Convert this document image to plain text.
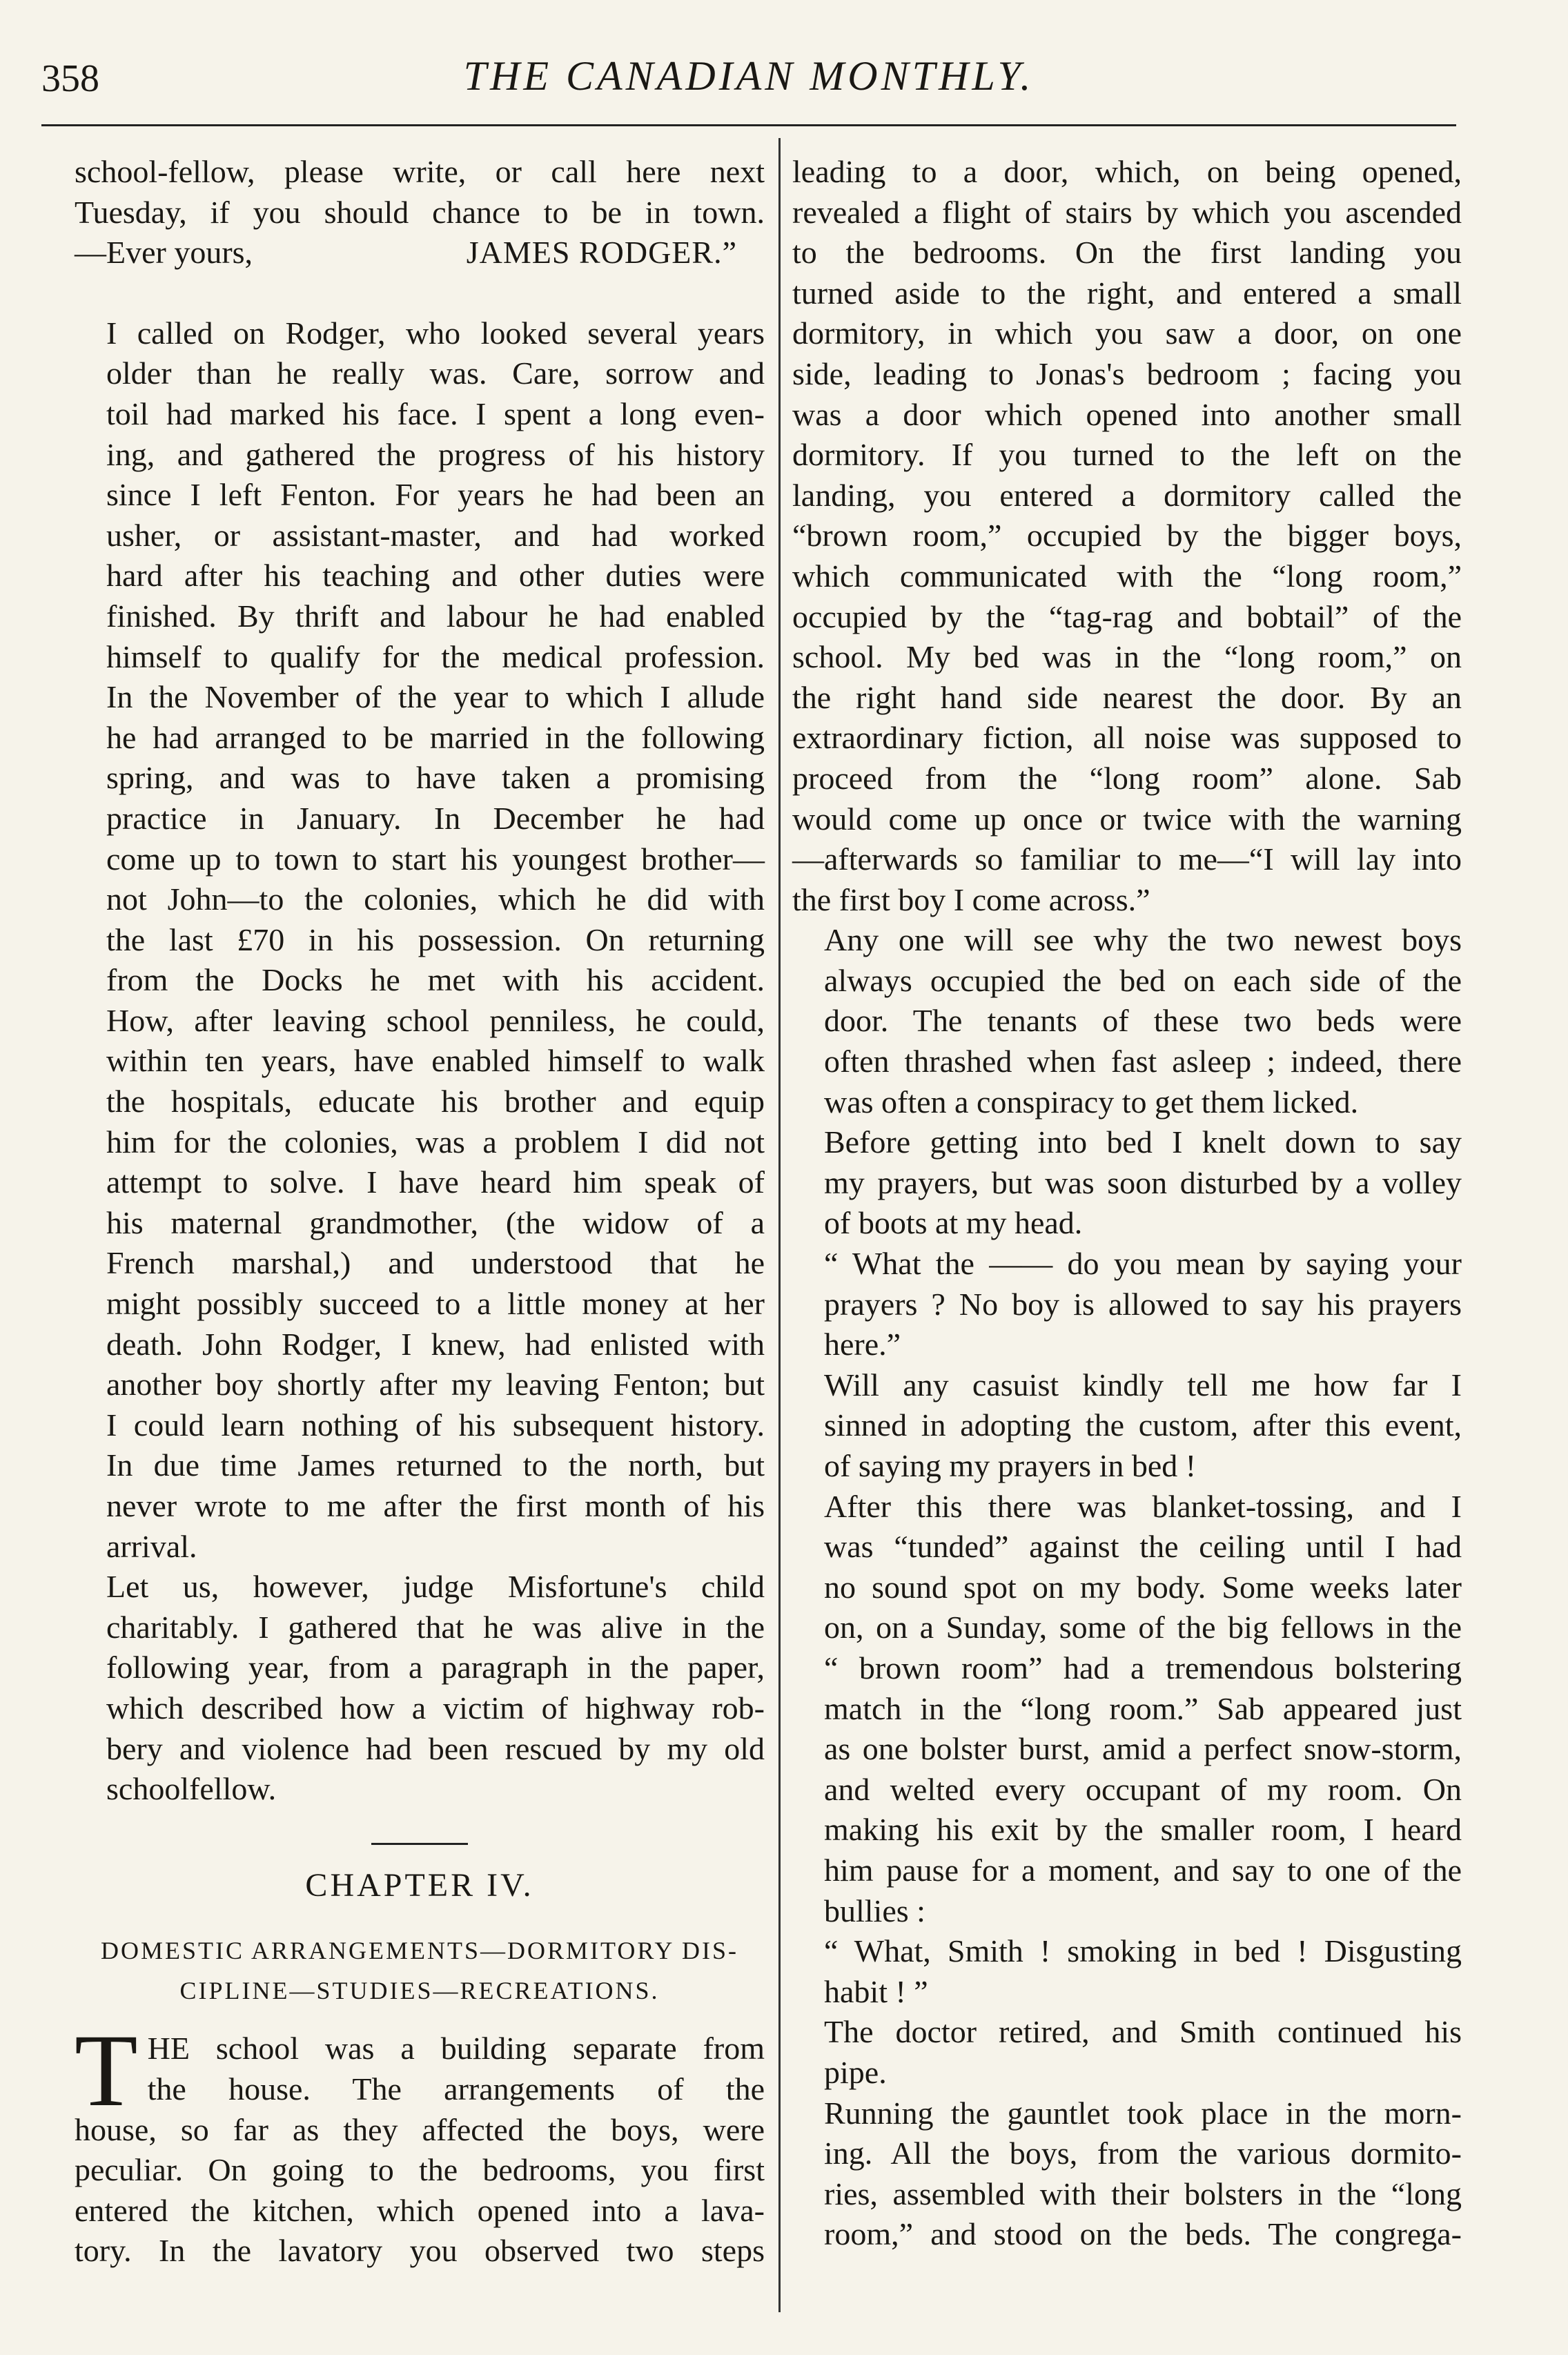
358	THE CANADIAN MONTHLY.
school-fellow, please write, or call here next
Tuesday, if you should chance to be in town.
—Ever yours,	JAMES RODGER.”
I called on Rodger, who looked several years
older than he really was. Care, sorrow and
toil had marked his face. I spent a long even-
ing, and gathered the progress of his history
since I left Fenton. For years he had been an
usher, or assistant-master, and had worked
hard after his teaching and other duties were
finished. By thrift and labour he had enabled
himself to qualify for the medical profession.
In the November of the year to which I allude
he had arranged to be married in the following
spring, and was to have taken a promising
practice in January. In December he had
come up to town to start his youngest brother—
not John—to the colonies, which he did with
the last £70 in his possession. On returning
from the Docks he met with his accident.
How, after leaving school penniless, he could,
within ten years, have enabled himself to walk
the hospitals, educate his brother and equip
him for the colonies, was a problem I did not
attempt to solve. I have heard him speak of
his maternal grandmother, (the widow of a
French marshal,) and understood that he
might possibly succeed to a little money at her
death. John Rodger, I knew, had enlisted with
another boy shortly after my leaving Fenton; but
I could learn nothing of his subsequent history.
In due time James returned to the north, but
never wrote to me after the first month of his
arrival.
Let us, however, judge Misfortune's child
charitably. I gathered that he was alive in the
following year, from a paragraph in the paper,
which described how a victim of highway rob-
bery and violence had been rescued by my old
schoolfellow.
CHAPTER IV.
DOMESTIC ARRANGEMENTS—DORMITORY DIS-
CIPLINE—STUDIES—RECREATIONS.
T HE school was a building separate from
the house. The arrangements of the
house, so far as they affected the boys, were
peculiar. On going to the bedrooms, you first
entered the kitchen, which opened into a lava-
tory. In the lavatory you observed two steps
leading to a door, which, on being opened,
revealed a flight of stairs by which you ascended
to the bedrooms. On the first landing you
turned aside to the right, and entered a small
dormitory, in which you saw a door, on one
side, leading to Jonas's bedroom ; facing you
was a door which opened into another small
dormitory. If you turned to the left on the
landing, you entered a dormitory called the
“brown room,” occupied by the bigger boys,
which communicated with the “long room,”
occupied by the “tag-rag and bobtail” of the
school. My bed was in the “long room,” on
the right hand side nearest the door. By an
extraordinary fiction, all noise was supposed to
proceed from the “long room” alone. Sab
would come up once or twice with the warning
—afterwards so familiar to me—“I will lay into
the first boy I come across.”
Any one will see why the two newest boys
always occupied the bed on each side of the
door. The tenants of these two beds were
often thrashed when fast asleep ; indeed, there
was often a conspiracy to get them licked.
Before getting into bed I knelt down to say
my prayers, but was soon disturbed by a volley
of boots at my head.
“ What the —— do you mean by saying your
prayers ? No boy is allowed to say his prayers
here.”
Will any casuist kindly tell me how far I
sinned in adopting the custom, after this event,
of saying my prayers in bed !
After this there was blanket-tossing, and I
was “tunded” against the ceiling until I had
no sound spot on my body. Some weeks later
on, on a Sunday, some of the big fellows in the
“ brown room” had a tremendous bolstering
match in the “long room.” Sab appeared just
as one bolster burst, amid a perfect snow-storm,
and welted every occupant of my room. On
making his exit by the smaller room, I heard
him pause for a moment, and say to one of the
bullies :
“ What, Smith ! smoking in bed ! Disgusting
habit ! ”
The doctor retired, and Smith continued his
pipe.
Running the gauntlet took place in the morn-
ing. All the boys, from the various dormito-
ries, assembled with their bolsters in the “long
room,” and stood on the beds. The congrega-
